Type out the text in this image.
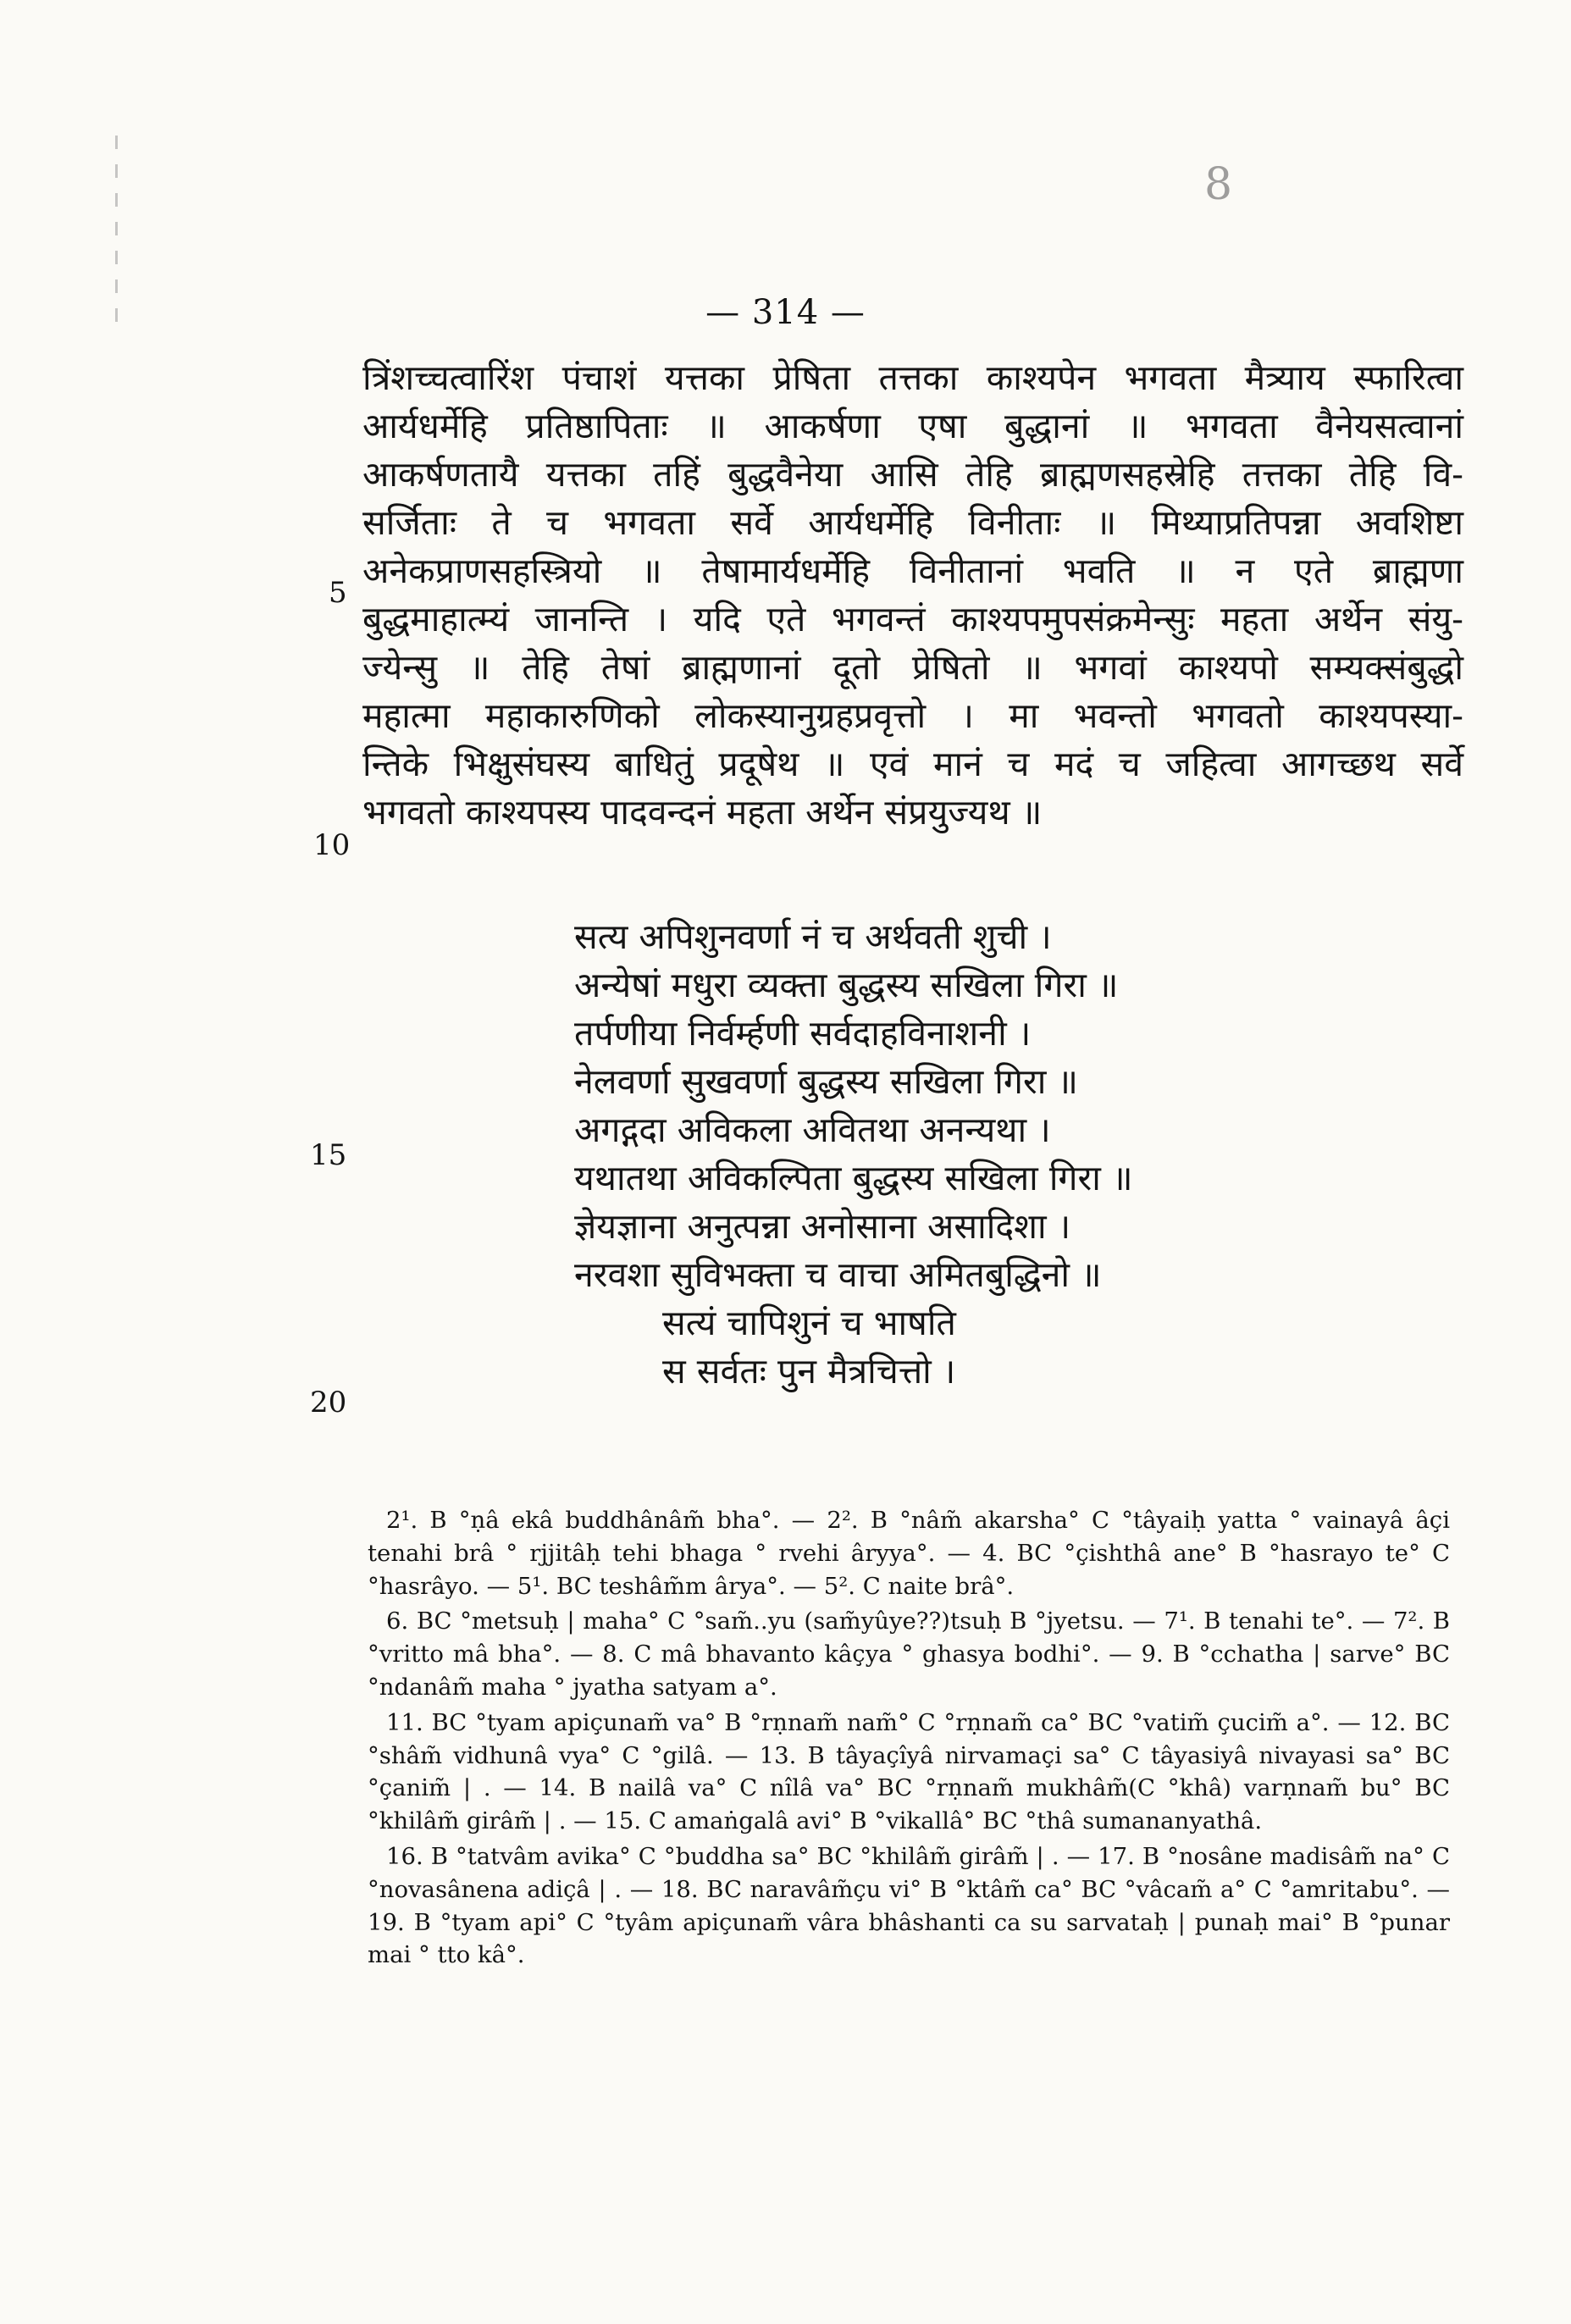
8
— 314 —
त्रिंशच्चत्वारिंश पंचाशं यत्तका प्रेषिता तत्तका काश्यपेन भगवता मैत्र्याय स्फारित्वा
आर्यधर्मेहि प्रतिष्ठापिताः ॥ आकर्षणा एषा बुद्धानां ॥ भगवता वैनेयसत्वानां
आकर्षणतायै यत्तका तहिं बुद्धवैनेया आसि तेहि ब्राह्मणसहस्रेहि तत्तका तेहि वि-
सर्जिताः ते च भगवता सर्वे आर्यधर्मेहि विनीताः ॥ मिथ्याप्रतिपन्ना अवशिष्टा
अनेकप्राणसहस्त्रियो ॥ तेषामार्यधर्मेहि विनीतानां भवति ॥ न एते ब्राह्मणा
बुद्धमाहात्म्यं जानन्ति । यदि एते भगवन्तं काश्यपमुपसंक्रमेन्सुः महता अर्थेन संयु-
ज्येन्सु ॥ तेहि तेषां ब्राह्मणानां दूतो प्रेषितो ॥ भगवां काश्यपो सम्यक्संबुद्धो
महात्मा महाकारुणिको लोकस्यानुग्रहप्रवृत्तो । मा भवन्तो भगवतो काश्यपस्या-
न्तिके भिक्षुसंघस्य बाधितुं प्रदूषेथ ॥ एवं मानं च मदं च जहित्वा आगच्छथ सर्वे
भगवतो काश्यपस्य पादवन्दनं महता अर्थेन संप्रयुज्यथ ॥
5
10
15
20
सत्य अपिशुनवर्णा नं च अर्थवती शुची ।
अन्येषां मधुरा व्यक्ता बुद्धस्य सखिला गिरा ॥
तर्पणीया निर्वर्म्हणी सर्वदाहविनाशनी ।
नेलवर्णा सुखवर्णा बुद्धस्य सखिला गिरा ॥
अगद्गदा अविकला अवितथा अनन्यथा ।
यथातथा अविकल्पिता बुद्धस्य सखिला गिरा ॥
ज्ञेयज्ञाना अनुत्पन्ना अनोसाना असादिशा ।
नरवशा सुविभक्ता च वाचा अमितबुद्धिनो ॥
सत्यं चापिशुनं च भाषति
स सर्वतः पुन मैत्रचित्तो ।

2¹. B °ṇâ ekâ buddhânâm̃ bha°. — 2². B °nâm̃ akarsha° C °tâyaiḥ yatta ° vainayâ âçi tenahi brâ ° rjjitâḥ tehi bhaga ° rvehi âryya°. — 4. BC °çishthâ ane° B °hasrayo te° C °hasrâyo. — 5¹. BC teshâm̃m ârya°. — 5². C naite brâ°.

6. BC °metsuḥ | maha° C °sam̃..yu (sam̃yûye??)tsuḥ B °jyetsu. — 7¹. B tenahi te°. — 7². B °vritto mâ bha°. — 8. C mâ bhavanto kâçya ° ghasya bodhi°. — 9. B °cchatha | sarve° BC °ndanâm̃ maha ° jyatha satyam a°.

11. BC °tyam apiçunam̃ va° B °rṇnam̃ nam̃° C °rṇnam̃ ca° BC °vatim̃ çucim̃ a°. — 12. BC °shâm̃ vidhunâ vya° C °gilâ. — 13. B tâyaçîyâ nirvamaçi sa° C tâyasiyâ nivayasi sa° BC °çanim̃ | . — 14. B nailâ va° C nîlâ va° BC °rṇnam̃ mukhâm̃(C °khâ) varṇnam̃ bu° BC °khilâm̃ girâm̃ | . — 15. C amaṅgalâ avi° B °vikallâ° BC °thâ sumananyathâ.

16. B °tatvâm avika° C °buddha sa° BC °khilâm̃ girâm̃ | . — 17. B °nosâne madisâm̃ na° C °novasânena adiçâ | . — 18. BC naravâm̃çu vi° B °ktâm̃ ca° BC °vâcam̃ a° C °amritabu°. — 19. B °tyam api° C °tyâm apiçunam̃ vâra bhâshanti ca su sarvataḥ | punaḥ mai° B °punar mai ° tto kâ°.
